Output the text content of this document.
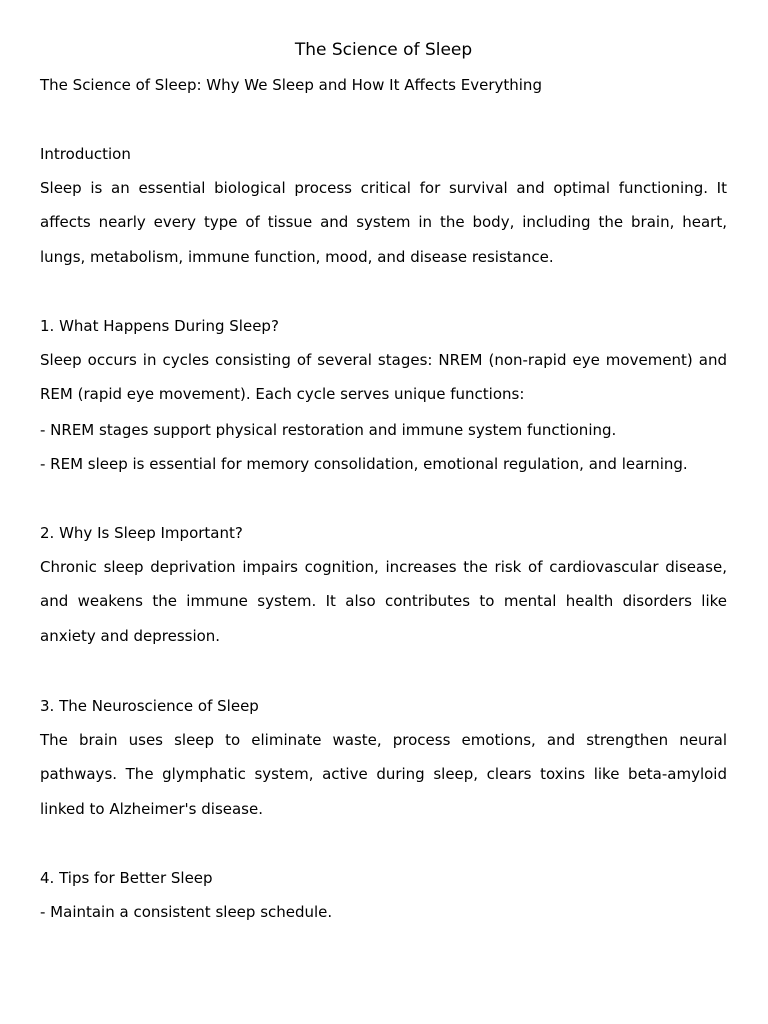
The Science of Sleep

The Science of Sleep: Why We Sleep and How It Affects Everything

Introduction

Sleep is an essential biological process critical for survival and optimal functioning. It affects nearly every type of tissue and system in the body, including the brain, heart, lungs, metabolism, immune function, mood, and disease resistance.

1. What Happens During Sleep?

Sleep occurs in cycles consisting of several stages: NREM (non-rapid eye movement) and REM (rapid eye movement). Each cycle serves unique functions:

- NREM stages support physical restoration and immune system functioning.

- REM sleep is essential for memory consolidation, emotional regulation, and learning.

2. Why Is Sleep Important?

Chronic sleep deprivation impairs cognition, increases the risk of cardiovascular disease, and weakens the immune system. It also contributes to mental health disorders like anxiety and depression.

3. The Neuroscience of Sleep

The brain uses sleep to eliminate waste, process emotions, and strengthen neural pathways. The glymphatic system, active during sleep, clears toxins like beta-amyloid linked to Alzheimer's disease.

4. Tips for Better Sleep

- Maintain a consistent sleep schedule.
